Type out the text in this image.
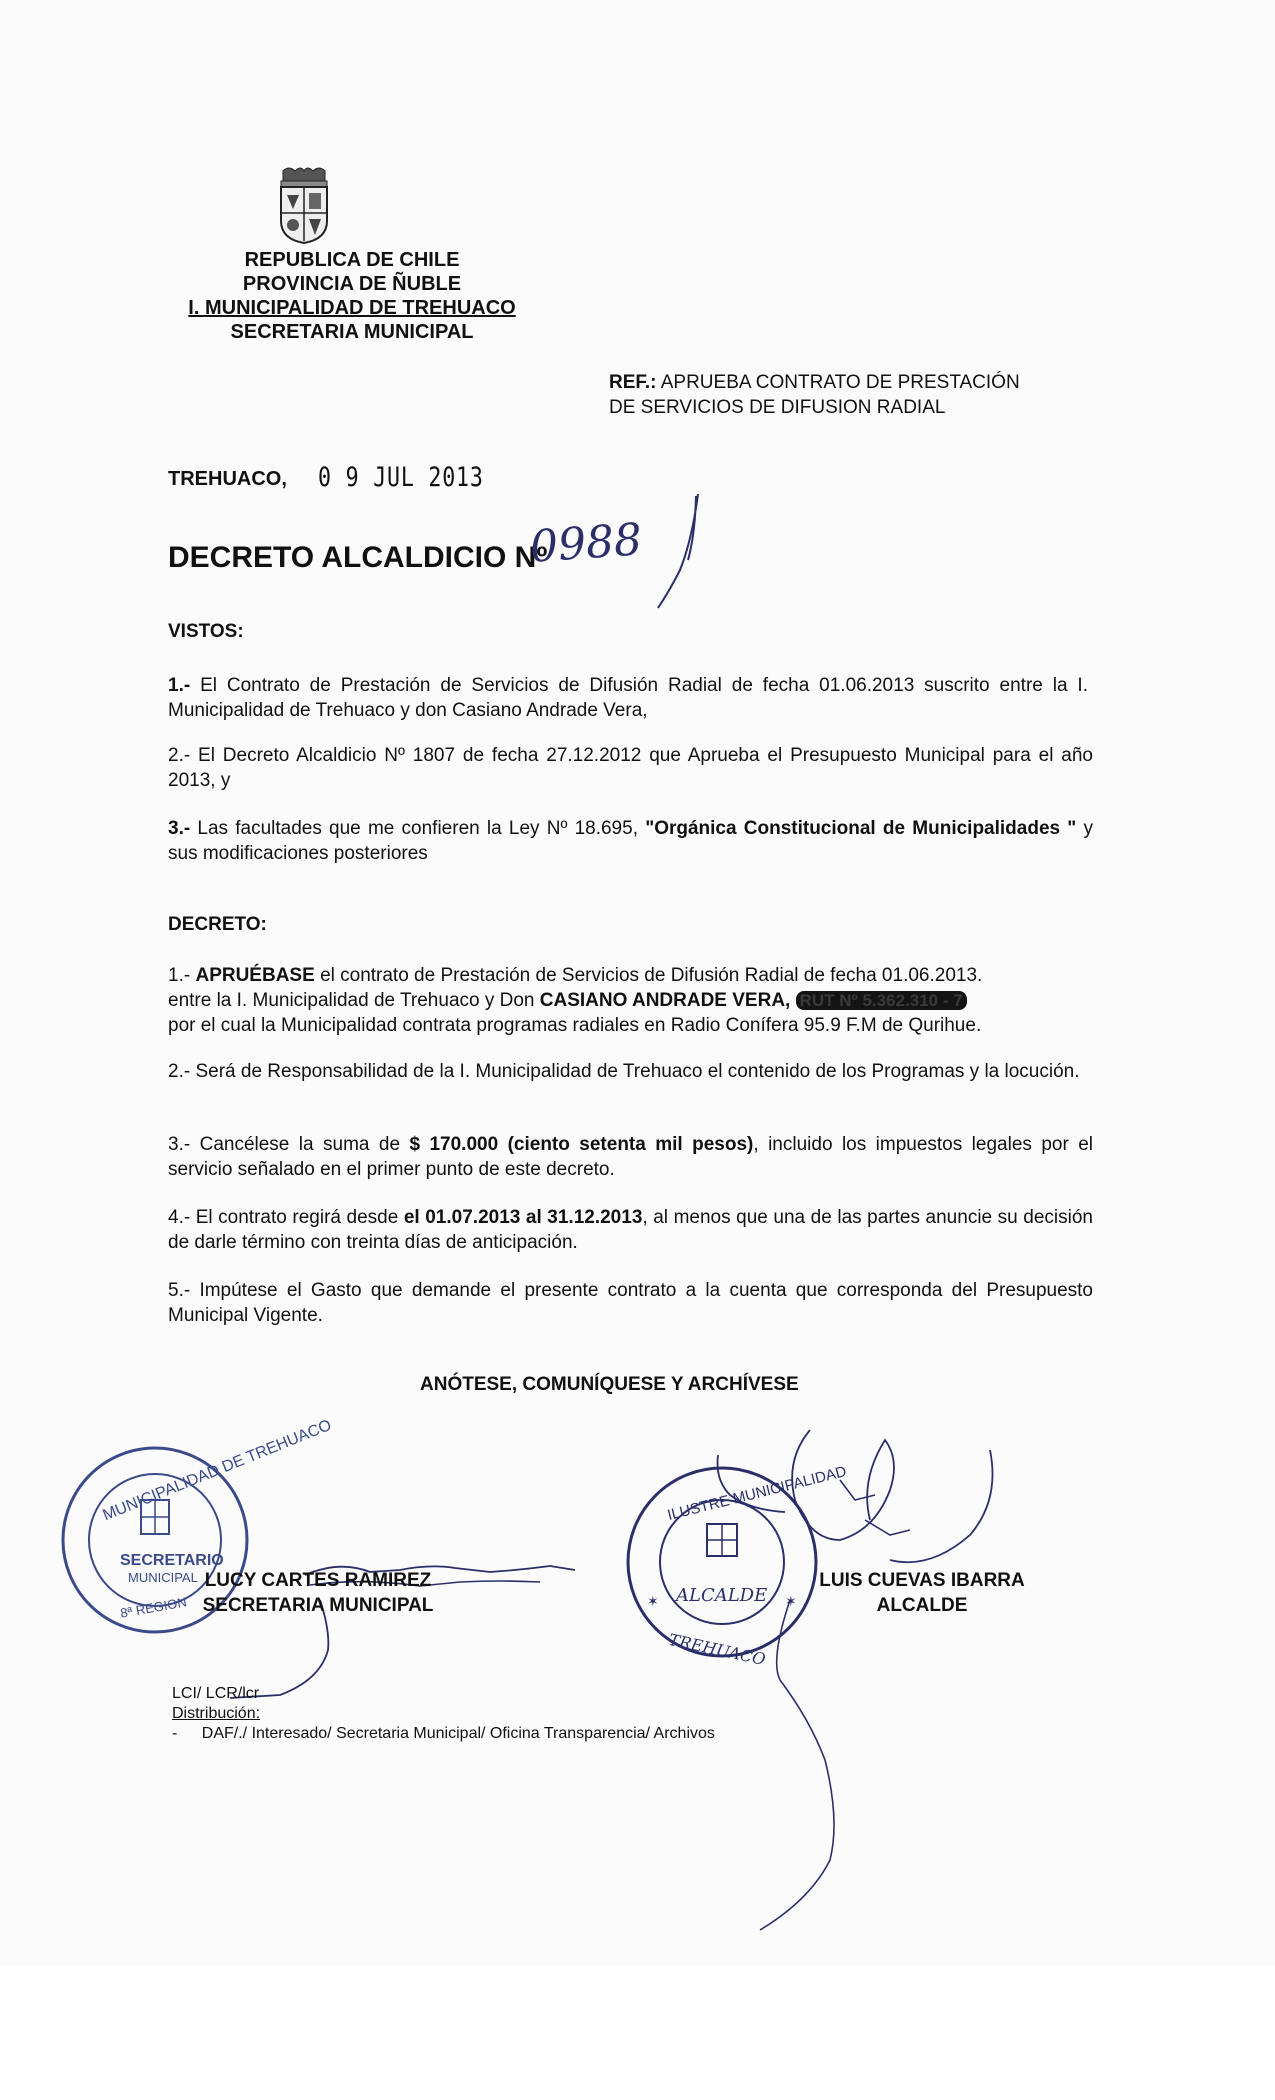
REPUBLICA DE CHILE
PROVINCIA DE ÑUBLE
I. MUNICIPALIDAD DE TREHUACO
SECRETARIA MUNICIPAL
REF.: APRUEBA CONTRATO DE PRESTACIÓN
DE SERVICIOS DE DIFUSION RADIAL
TREHUACO, 0 9 JUL 2013
DECRETO ALCALDICIO Nº
0988
VISTOS:
1.- El Contrato de Prestación de Servicios de Difusión Radial de fecha 01.06.2013 suscrito entre la I. Municipalidad de Trehuaco y don Casiano Andrade Vera,
2.- El Decreto Alcaldicio Nº 1807 de fecha 27.12.2012 que Aprueba el Presupuesto Municipal para el año 2013, y
3.- Las facultades que me confieren la Ley Nº 18.695, "Orgánica Constitucional de Municipalidades " y sus modificaciones posteriores
DECRETO:
1.- APRUÉBASE el contrato de Prestación de Servicios de Difusión Radial de fecha 01.06.2013.
entre la I. Municipalidad de Trehuaco y Don CASIANO ANDRADE VERA, RUT Nº 5.362.310 - 7
por el cual la Municipalidad contrata programas radiales en Radio Conífera 95.9 F.M de Qurihue.
2.- Será de Responsabilidad de la I. Municipalidad de Trehuaco el contenido de los Programas y la locución.
3.- Cancélese la suma de $ 170.000 (ciento setenta mil pesos), incluido los impuestos legales por el servicio señalado en el primer punto de este decreto.
4.- El contrato regirá desde el 01.07.2013 al 31.12.2013, al menos que una de las partes anuncie su decisión de darle término con treinta días de anticipación.
5.- Impútese el Gasto que demande el presente contrato a la cuenta que corresponda del Presupuesto Municipal Vigente.
ANÓTESE, COMUNÍQUESE Y ARCHÍVESE
MUNICIPALIDAD DE TREHUACO
SECRETARIO
MUNICIPAL
8ª REGION
LUCY CARTES RAMIREZ
SECRETARIA MUNICIPAL	✶	✶
ILUSTRE MUNICIPALIDAD
ALCALDE
TREHUACO
LUIS CUEVAS IBARRA
ALCALDE
LCI/ LCR/lcr
Distribución:
- DAF/./ Interesado/ Secretaria Municipal/ Oficina Transparencia/ Archivos
